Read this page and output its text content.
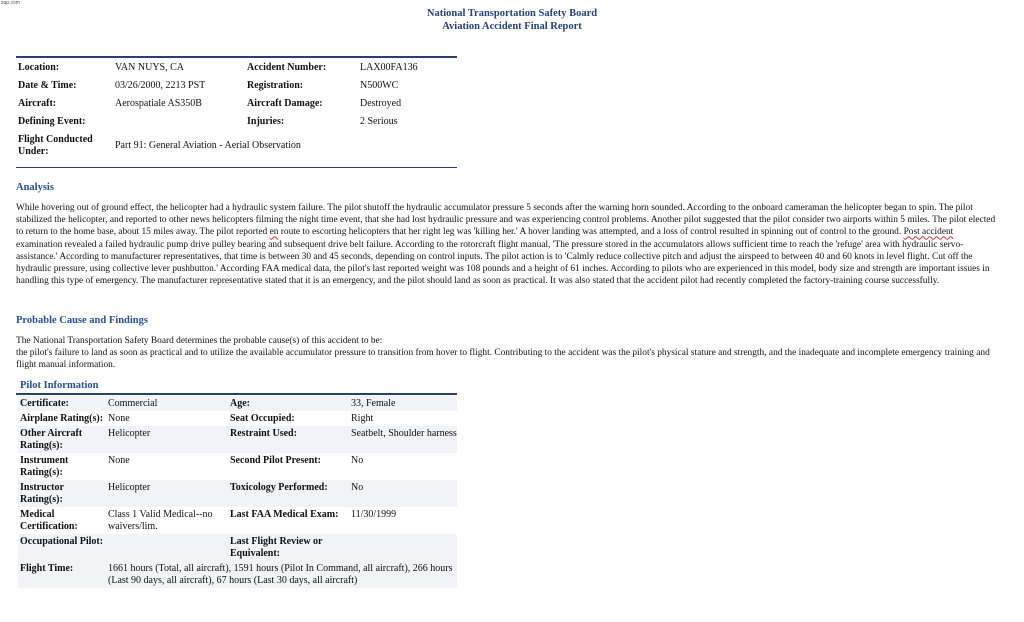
zap.com
National Transportation Safety Board
Aviation Accident Final Report
Location:	VAN NUYS, CA	Accident Number:	LAX00FA136
Date & Time:	03/26/2000, 2213 PST	Registration:	N500WC
Aircraft:	Aerospatiale AS350B	Aircraft Damage:	Destroyed
Defining Event:		Injuries:	2 Serious
Flight Conducted Under:	Part 91: General Aviation - Aerial Observation		
Analysis
While hovering out of ground effect, the helicopter had a hydraulic system failure. The pilot shutoff the hydraulic accumulator pressure 5 seconds after the warning horn sounded. According to the onboard cameraman the helicopter began to spin. The pilot stabilized the helicopter, and reported to other news helicopters filming the night time event, that she had lost hydraulic pressure and was experiencing control problems. Another pilot suggested that the pilot consider two airports within 5 miles. The pilot elected to return to the home base, about 15 miles away. The pilot reported en route to escorting helicopters that her right leg was 'killing her.' A hover landing was attempted, and a loss of control resulted in spinning out of control to the ground. Post accident examination revealed a failed hydraulic pump drive pulley bearing and subsequent drive belt failure. According to the rotorcraft flight manual, 'The pressure stored in the accumulators allows sufficient time to reach the 'refuge' area with hydraulic servo-assistance.' According to manufacturer representatives, that time is between 30 and 45 seconds, depending on control inputs. The pilot action is to 'Calmly reduce collective pitch and adjust the airspeed to between 40 and 60 knots in level flight. Cut off the hydraulic pressure, using collective lever pushbutton.' According FAA medical data, the pilot's last reported weight was 108 pounds and a height of 61 inches. According to pilots who are experienced in this model, body size and strength are important issues in handling this type of emergency. The manufacturer representative stated that it is an emergency, and the pilot should land as soon as practical. It was also stated that the accident pilot had recently completed the factory-training course successfully.
Probable Cause and Findings
The National Transportation Safety Board determines the probable cause(s) of this accident to be:
the pilot's failure to land as soon as practical and to utilize the available accumulator pressure to transition from hover to flight. Contributing to the accident was the pilot's physical stature and strength, and the inadequate and incomplete emergency training and flight manual information.
Pilot Information
Certificate:	Commercial	Age:	33, Female
Airplane Rating(s):	None	Seat Occupied:	Right
Other Aircraft Rating(s):	Helicopter	Restraint Used:	Seatbelt, Shoulder harness
Instrument Rating(s):	None	Second Pilot Present:	No
Instructor Rating(s):	Helicopter	Toxicology Performed:	No
Medical Certification:	Class 1 Valid Medical--no waivers/lim.	Last FAA Medical Exam:	11/30/1999
Occupational Pilot:		Last Flight Review or Equivalent:	
Flight Time:	1661 hours (Total, all aircraft), 1591 hours (Pilot In Command, all aircraft), 266 hours (Last 90 days, all aircraft), 67 hours (Last 30 days, all aircraft)		
